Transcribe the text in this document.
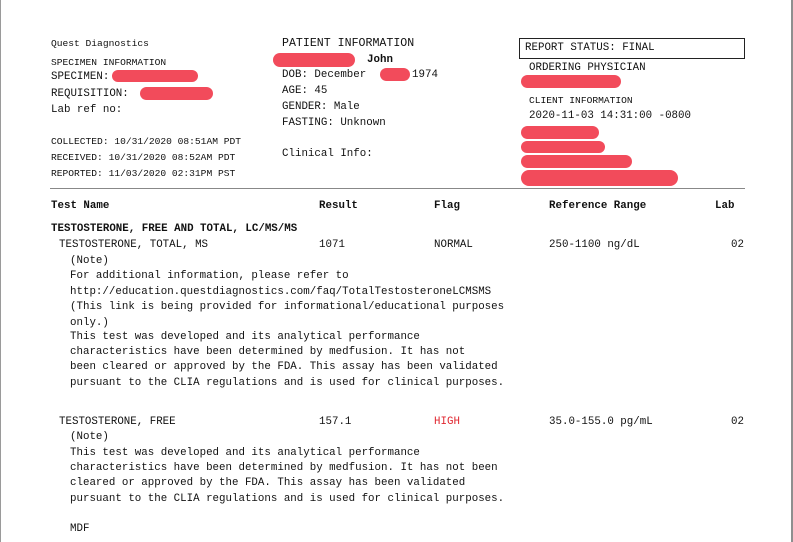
Quest Diagnostics
SPECIMEN INFORMATION
SPECIMEN:
REQUISITION:
Lab ref no:
COLLECTED: 10/31/2020 08:51AM PDT
RECEIVED: 10/31/2020 08:52AM PDT
REPORTED: 11/03/2020 02:31PM PST
PATIENT INFORMATION
John
DOB: December	1974
AGE: 45
GENDER: Male
FASTING: Unknown
Clinical Info:
REPORT STATUS: FINAL
ORDERING PHYSICIAN
CLIENT INFORMATION
2020-11-03 14:31:00 -0800
Test Name	Result	Flag	Reference Range	Lab
TESTOSTERONE, FREE AND TOTAL, LC/MS/MS
TESTOSTERONE, TOTAL, MS	1071	NORMAL	250-1100 ng/dL	02
(Note)
For additional information, please refer to
http://education.questdiagnostics.com/faq/TotalTestosteroneLCMSMS
(This link is being provided for informational/educational purposes
only.)
This test was developed and its analytical performance
characteristics have been determined by medfusion. It has not
been cleared or approved by the FDA. This assay has been validated
pursuant to the CLIA regulations and is used for clinical purposes.
TESTOSTERONE, FREE	157.1	HIGH	35.0-155.0 pg/mL	02
(Note)
This test was developed and its analytical performance
characteristics have been determined by medfusion. It has not been
cleared or approved by the FDA. This assay has been validated
pursuant to the CLIA regulations and is used for clinical purposes.
MDF
